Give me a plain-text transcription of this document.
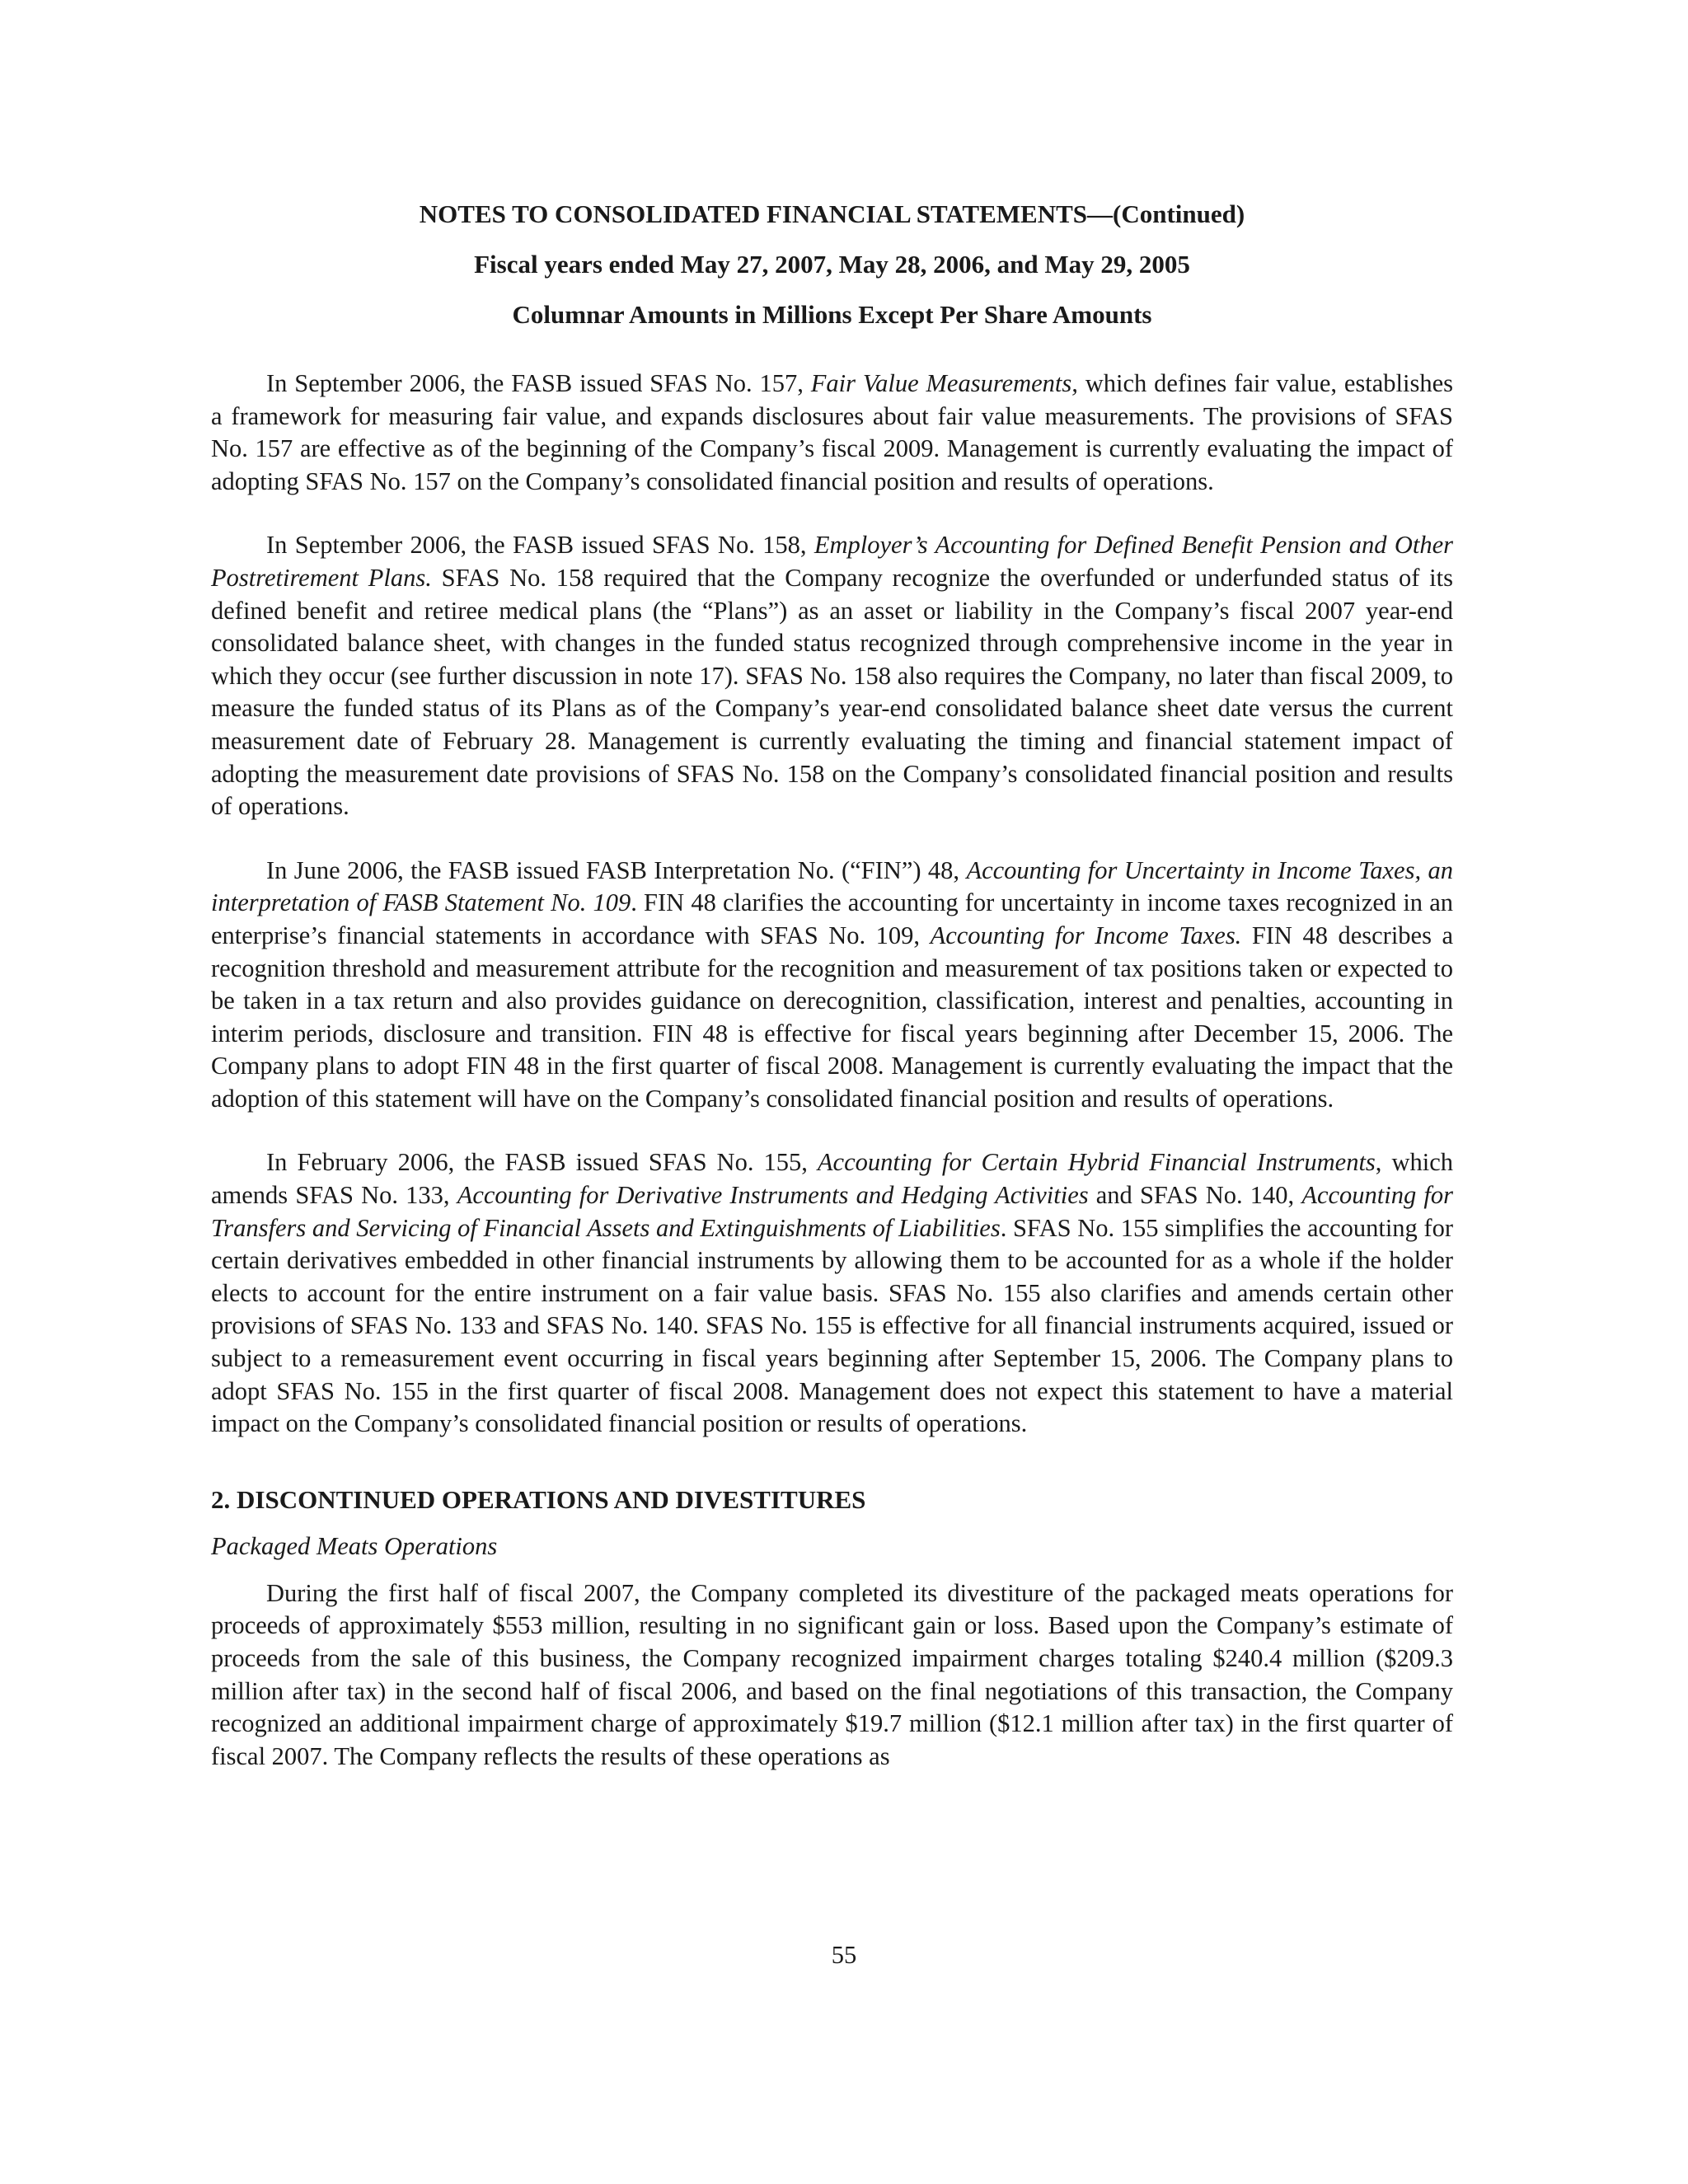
NOTES TO CONSOLIDATED FINANCIAL STATEMENTS—(Continued)
Fiscal years ended May 27, 2007, May 28, 2006, and May 29, 2005
Columnar Amounts in Millions Except Per Share Amounts

In September 2006, the FASB issued SFAS No. 157, Fair Value Measurements, which defines fair value, establishes a framework for measuring fair value, and expands disclosures about fair value measurements. The provisions of SFAS No. 157 are effective as of the beginning of the Company’s fiscal 2009. Management is currently evaluating the impact of adopting SFAS No. 157 on the Company’s consolidated financial position and results of operations.

In September 2006, the FASB issued SFAS No. 158, Employer’s Accounting for Defined Benefit Pension and Other Postretirement Plans. SFAS No. 158 required that the Company recognize the overfunded or underfunded status of its defined benefit and retiree medical plans (the “Plans”) as an asset or liability in the Company’s fiscal 2007 year-end consolidated balance sheet, with changes in the funded status recognized through comprehensive income in the year in which they occur (see further discussion in note 17). SFAS No. 158 also requires the Company, no later than fiscal 2009, to measure the funded status of its Plans as of the Company’s year-end consolidated balance sheet date versus the current measurement date of February 28. Management is currently evaluating the timing and financial statement impact of adopting the measurement date provisions of SFAS No. 158 on the Company’s consolidated financial position and results of operations.

In June 2006, the FASB issued FASB Interpretation No. (“FIN”) 48, Accounting for Uncertainty in Income Taxes, an interpretation of FASB Statement No. 109. FIN 48 clarifies the accounting for uncertainty in income taxes recognized in an enterprise’s financial statements in accordance with SFAS No. 109, Accounting for Income Taxes. FIN 48 describes a recognition threshold and measurement attribute for the recognition and measurement of tax positions taken or expected to be taken in a tax return and also provides guidance on derecognition, classification, interest and penalties, accounting in interim periods, disclosure and transition. FIN 48 is effective for fiscal years beginning after December 15, 2006. The Company plans to adopt FIN 48 in the first quarter of fiscal 2008. Management is currently evaluating the impact that the adoption of this statement will have on the Company’s consolidated financial position and results of operations.

In February 2006, the FASB issued SFAS No. 155, Accounting for Certain Hybrid Financial Instruments, which amends SFAS No. 133, Accounting for Derivative Instruments and Hedging Activities and SFAS No. 140, Accounting for Transfers and Servicing of Financial Assets and Extinguishments of Liabilities. SFAS No. 155 simplifies the accounting for certain derivatives embedded in other financial instruments by allowing them to be accounted for as a whole if the holder elects to account for the entire instrument on a fair value basis. SFAS No. 155 also clarifies and amends certain other provisions of SFAS No. 133 and SFAS No. 140. SFAS No. 155 is effective for all financial instruments acquired, issued or subject to a remeasurement event occurring in fiscal years beginning after September 15, 2006. The Company plans to adopt SFAS No. 155 in the first quarter of fiscal 2008. Management does not expect this statement to have a material impact on the Company’s consolidated financial position or results of operations.

2. DISCONTINUED OPERATIONS AND DIVESTITURES
Packaged Meats Operations

During the first half of fiscal 2007, the Company completed its divestiture of the packaged meats operations for proceeds of approximately $553 million, resulting in no significant gain or loss. Based upon the Company’s estimate of proceeds from the sale of this business, the Company recognized impairment charges totaling $240.4 million ($209.3 million after tax) in the second half of fiscal 2006, and based on the final negotiations of this transaction, the Company recognized an additional impairment charge of approximately $19.7 million ($12.1 million after tax) in the first quarter of fiscal 2007. The Company reflects the results of these operations as

55
